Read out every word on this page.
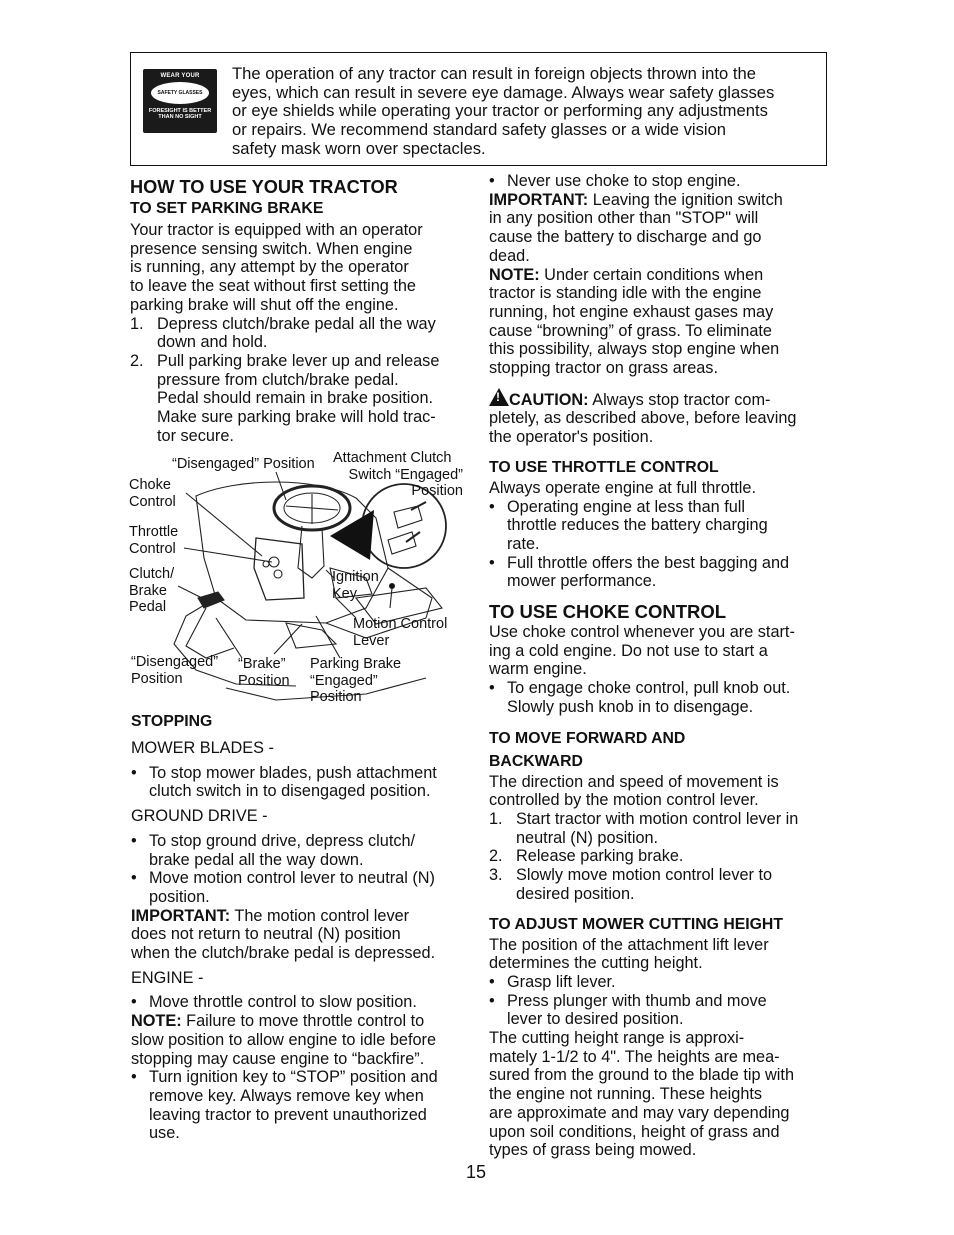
WEAR YOUR
SAFETY GLASSES
FORESIGHT IS BETTER THAN NO SIGHT

The operation of any tractor can result in foreign objects thrown into the

eyes, which can result in severe eye damage. Always wear safety glasses

or eye shields while operating your tractor or performing any adjustments

or repairs. We recommend standard safety glasses or a wide vision

safety mask worn over spectacles.

HOW TO USE YOUR TRACTOR
TO SET PARKING BRAKE

Your tractor is equipped with an operator

presence sensing switch. When engine

is running, any attempt by the operator

to leave the seat without first setting the

parking brake will shut off the engine.

1. Depress clutch/brake pedal all the way

down and hold.

2. Pull parking brake lever up and release

pressure from clutch/brake pedal.

Pedal should remain in brake position.

Make sure parking brake will hold trac-

tor secure.

“Disengaged” Position Attachment Clutch
Switch “Engaged”
Position
Choke
Control
Throttle
Control
Clutch/
Brake
Pedal
Ignition
Key
Motion Control
Lever
“Disengaged”
Position
“Brake”
Position
Parking Brake
“Engaged”
Position
STOPPING

MOWER BLADES -

• To stop mower blades, push attachment

clutch switch in to disengaged position.

GROUND DRIVE -

• To stop ground drive, depress clutch/

brake pedal all the way down.

• Move motion control lever to neutral (N)

position.

IMPORTANT: The motion control lever

does not return to neutral (N) position

when the clutch/brake pedal is depressed.

ENGINE -

• Move throttle control to slow position.

NOTE: Failure to move throttle control to

slow position to allow engine to idle before

stopping may cause engine to “backfire”.

• Turn ignition key to “STOP” position and

remove key. Always remove key when

leaving tractor to prevent unauthorized

use.

• Never use choke to stop engine.

IMPORTANT: Leaving the ignition switch

in any position other than "STOP" will

cause the battery to discharge and go

dead.

NOTE: Under certain conditions when

tractor is standing idle with the engine

running, hot engine exhaust gases may

cause “browning” of grass. To eliminate

this possibility, always stop engine when

stopping tractor on grass areas.

!CAUTION: Always stop tractor com-

pletely, as described above, before leaving

the operator's position.

TO USE THROTTLE CONTROL

Always operate engine at full throttle.

• Operating engine at less than full

throttle reduces the battery charging

rate.

• Full throttle offers the best bagging and

mower performance.

TO USE CHOKE CONTROL

Use choke control whenever you are start-

ing a cold engine. Do not use to start a

warm engine.

• To engage choke control, pull knob out.

Slowly push knob in to disengage.

TO MOVE FORWARD AND
BACKWARD

The direction and speed of movement is

controlled by the motion control lever.

1. Start tractor with motion control lever in

neutral (N) position.

2. Release parking brake.

3. Slowly move motion control lever to

desired position.

TO ADJUST MOWER CUTTING HEIGHT

The position of the attachment lift lever

determines the cutting height.

• Grasp lift lever.

• Press plunger with thumb and move

lever to desired position.

The cutting height range is approxi-

mately 1-1/2 to 4". The heights are mea-

sured from the ground to the blade tip with

the engine not running. These heights

are approximate and may vary depending

upon soil conditions, height of grass and

types of grass being mowed.

15
